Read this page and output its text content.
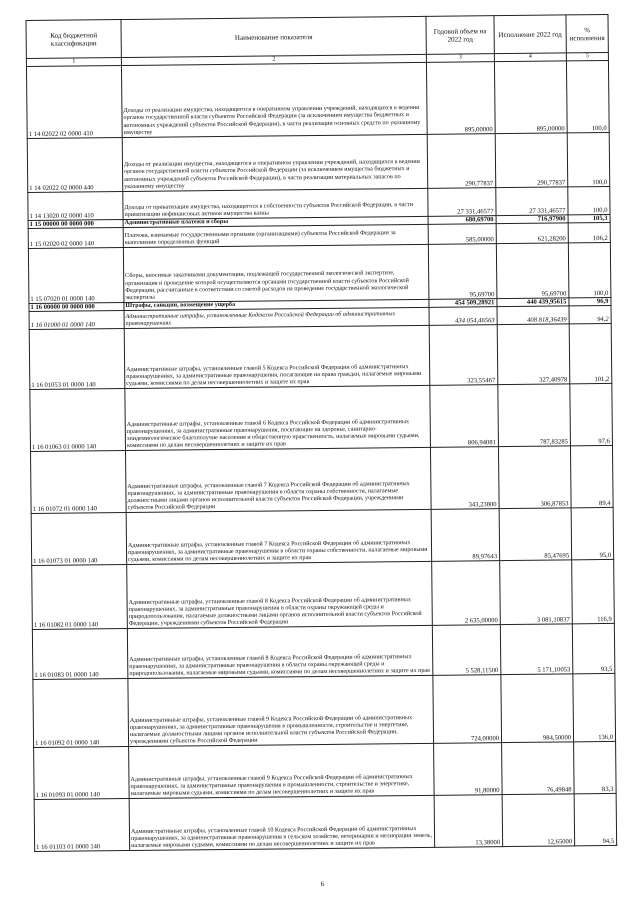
Код бюджетной классификации	Наименование показателя	Годовой объем на 2022 год	Исполнение 2022 год	% исполнения
1	2	3	4	5
1 14 02022 02 0000 410	Доходы от реализации имущества, находящегося в оперативном управлении учреждений, находящихся в ведении органов государственной власти субъектов Российской Федерации (за исключением имущества бюджетных и автономных учреждений субъектов Российской Федерации), в части реализации основных средств по указанному имуществу	895,00000	895,00000	100,0
1 14 02022 02 0000 440	Доходы от реализации имущества, находящегося в оперативном управлении учреждений, находящихся в ведении органов государственной власти субъектов Российской Федерации (за исключением имущества бюджетных и автономных учреждений субъектов Российской Федерации), в части реализации материальных запасов по указанному имуществу	290,77837	290,77837	100,0
1 14 13020 02 0000 410	Доходы от приватизации имущества, находящегося в собственности субъектов Российской Федерации, в части приватизации нефинансовых активов имущества казны	27 331,46577	27 331,46577	100,0
1 15 00000 00 0000 000	Административные платежи и сборы	680,69700	716,97900	105,3
1 15 02020 02 0000 140	Платежи, взимаемые государственными органами (организациями) субъектов Российской Федерации за выполнение определенных функций	585,00000	621,28200	106,2
1 15 07020 01 0000 140	Сборы, вносимые заказчиками документации, подлежащей государственной экологической экспертизе, организация и проведение которой осуществляются органами государственной власти субъектов Российской Федерации, рассчитанные в соответствии со сметой расходов на проведение государственной экологической экспертизы	95,69700	95,69700	100,0
1 16 00000 00 0000 000	Штрафы, санкции, возмещение ущерба	454 509,28921	440 439,95615	96,9
1 16 01000 01 0000 140	Административные штрафы, установленные Кодексом Российской Федерации об административных правонарушениях	434 054,46563	408 818,36439	94,2
1 16 01053 01 0000 140	Административные штрафы, установленные главой 5 Кодекса Российской Федерации об административных правонарушениях, за административные правонарушения, посягающие на права граждан, налагаемые мировыми судьями, комиссиями по делам несовершеннолетних и защите их прав	323,55467	327,40978	101,2
1 16 01063 01 0000 140	Административные штрафы, установленные главой 6 Кодекса Российской Федерации об административных правонарушениях, за административные правонарушения, посягающие на здоровье, санитарно-эпидемиологическое благополучие населения и общественную нравственность, налагаемые мировыми судьями, комиссиями по делам несовершеннолетних и защите их прав	806,94081	787,83285	97,6
1 16 01072 01 0000 140	Административные штрафы, установленные главой 7 Кодекса Российской Федерации об административных правонарушениях, за административные правонарушения в области охраны собственности, налагаемые должностными лицами органов исполнительной власти субъектов Российской Федерации, учреждениями субъектов Российской Федерации	343,23800	306,87853	89,4
1 16 01073 01 0000 140	Административные штрафы, установленные главой 7 Кодекса Российской Федерации об административных правонарушениях, за административные правонарушения в области охраны собственности, налагаемые мировыми судьями, комиссиями по делам несовершеннолетних и защите их прав	89,97643	85,47695	95,0
1 16 01082 01 0000 140	Административные штрафы, установленные главой 8 Кодекса Российской Федерации об административных правонарушениях, за административные правонарушения в области охраны окружающей среды и природопользования, налагаемые должностными лицами органов исполнительной власти субъектов Российской Федерации, учреждениями субъектов Российской Федерации	2 635,00000	3 081,10837	116,9
1 16 01083 01 0000 140	Административные штрафы, установленные главой 8 Кодекса Российской Федерации об административных правонарушениях, за административные правонарушения в области охраны окружающей среды и природопользования, налагаемые мировыми судьями, комиссиями по делам несовершеннолетних и защите их прав	5 528,11500	5 171,10053	93,5
1 16 01092 01 0000 140	Административные штрафы, установленные главой 9 Кодекса Российской Федерации об административных правонарушениях, за административные правонарушения в промышленности, строительстве и энергетике, налагаемые должностными лицами органов исполнительной власти субъектов Российской Федерации, учреждениями субъектов Российской Федерации	724,00000	984,50000	136,0
1 16 01093 01 0000 140	Административные штрафы, установленные главой 9 Кодекса Российской Федерации об административных правонарушениях, за административные правонарушения в промышленности, строительстве и энергетике, налагаемые мировыми судьями, комиссиями по делам несовершеннолетних и защите их прав	91,80000	76,49848	83,3
1 16 01103 01 0000 140	Административные штрафы, установленные главой 10 Кодекса Российской Федерации об административных правонарушениях, за административные правонарушения в сельском хозяйстве, ветеринарии и мелиорации земель, налагаемые мировыми судьями, комиссиями по делам несовершеннолетних и защите их прав	13,38000	12,65000	94,5
6
